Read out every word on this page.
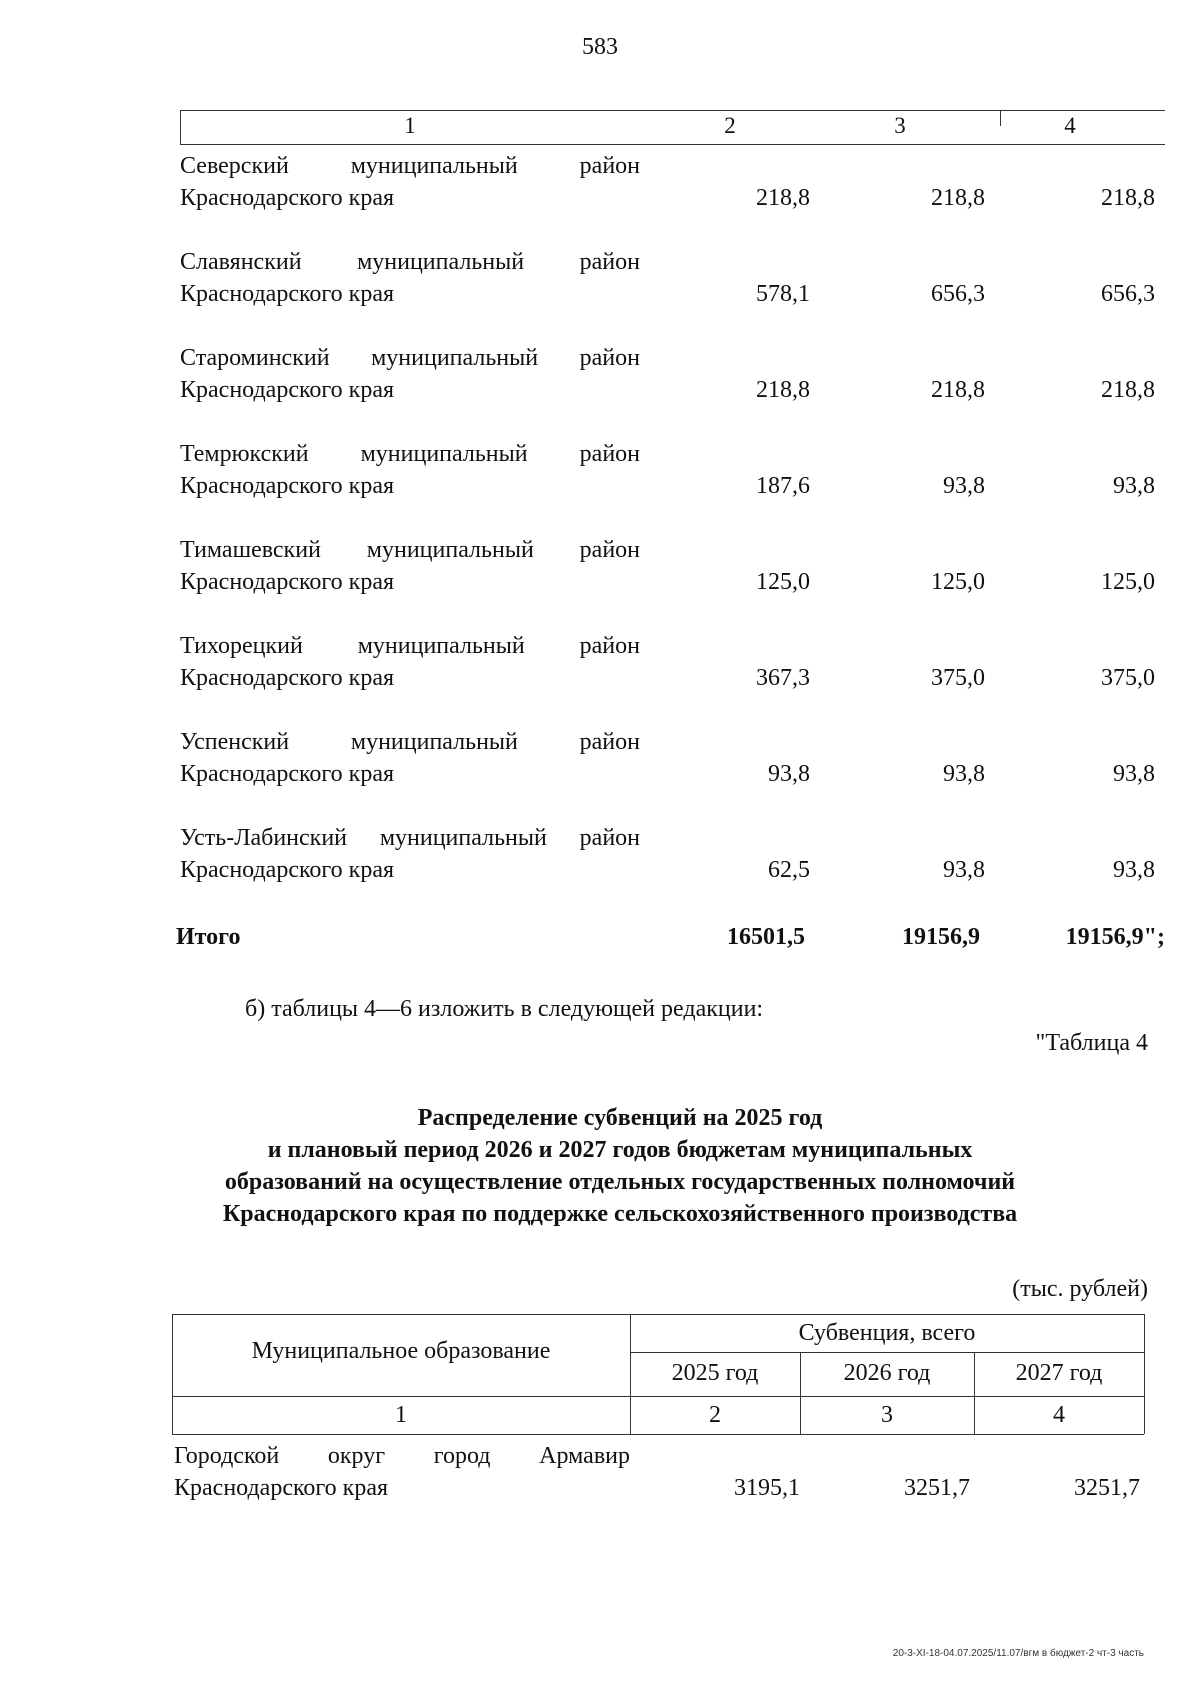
583
1	2	3	4
Северский муниципальный район Краснодарского края	218,8	218,8	218,8
Славянский муниципальный район Краснодарского края	578,1	656,3	656,3
Староминский муниципальный район Краснодарского края	218,8	218,8	218,8
Темрюкский муниципальный район Краснодарского края	187,6	93,8	93,8
Тимашевский муниципальный район Краснодарского края	125,0	125,0	125,0
Тихорецкий муниципальный район Краснодарского края	367,3	375,0	375,0
Успенский муниципальный район Краснодарского края	93,8	93,8	93,8
Усть-Лабинский муниципальный район Краснодарского края	62,5	93,8	93,8
Итого	16501,5	19156,9	19156,9";
б) таблицы 4—6 изложить в следующей редакции:
"Таблица 4
Распределение субвенций на 2025 год
и плановый период 2026 и 2027 годов бюджетам муниципальных
образований на осуществление отдельных государственных полномочий
Краснодарского края по поддержке сельскохозяйственного производства
(тыс. рублей)
Муниципальное образование
Субвенция, всего
2025 год	2026 год	2027 год
1	2	3	4
Городской округ город Армавир Краснодарского края	3195,1	3251,7	3251,7
20-3-XI-18-04.07.2025/11.07/вгм в бюджет-2 чт-3 часть
